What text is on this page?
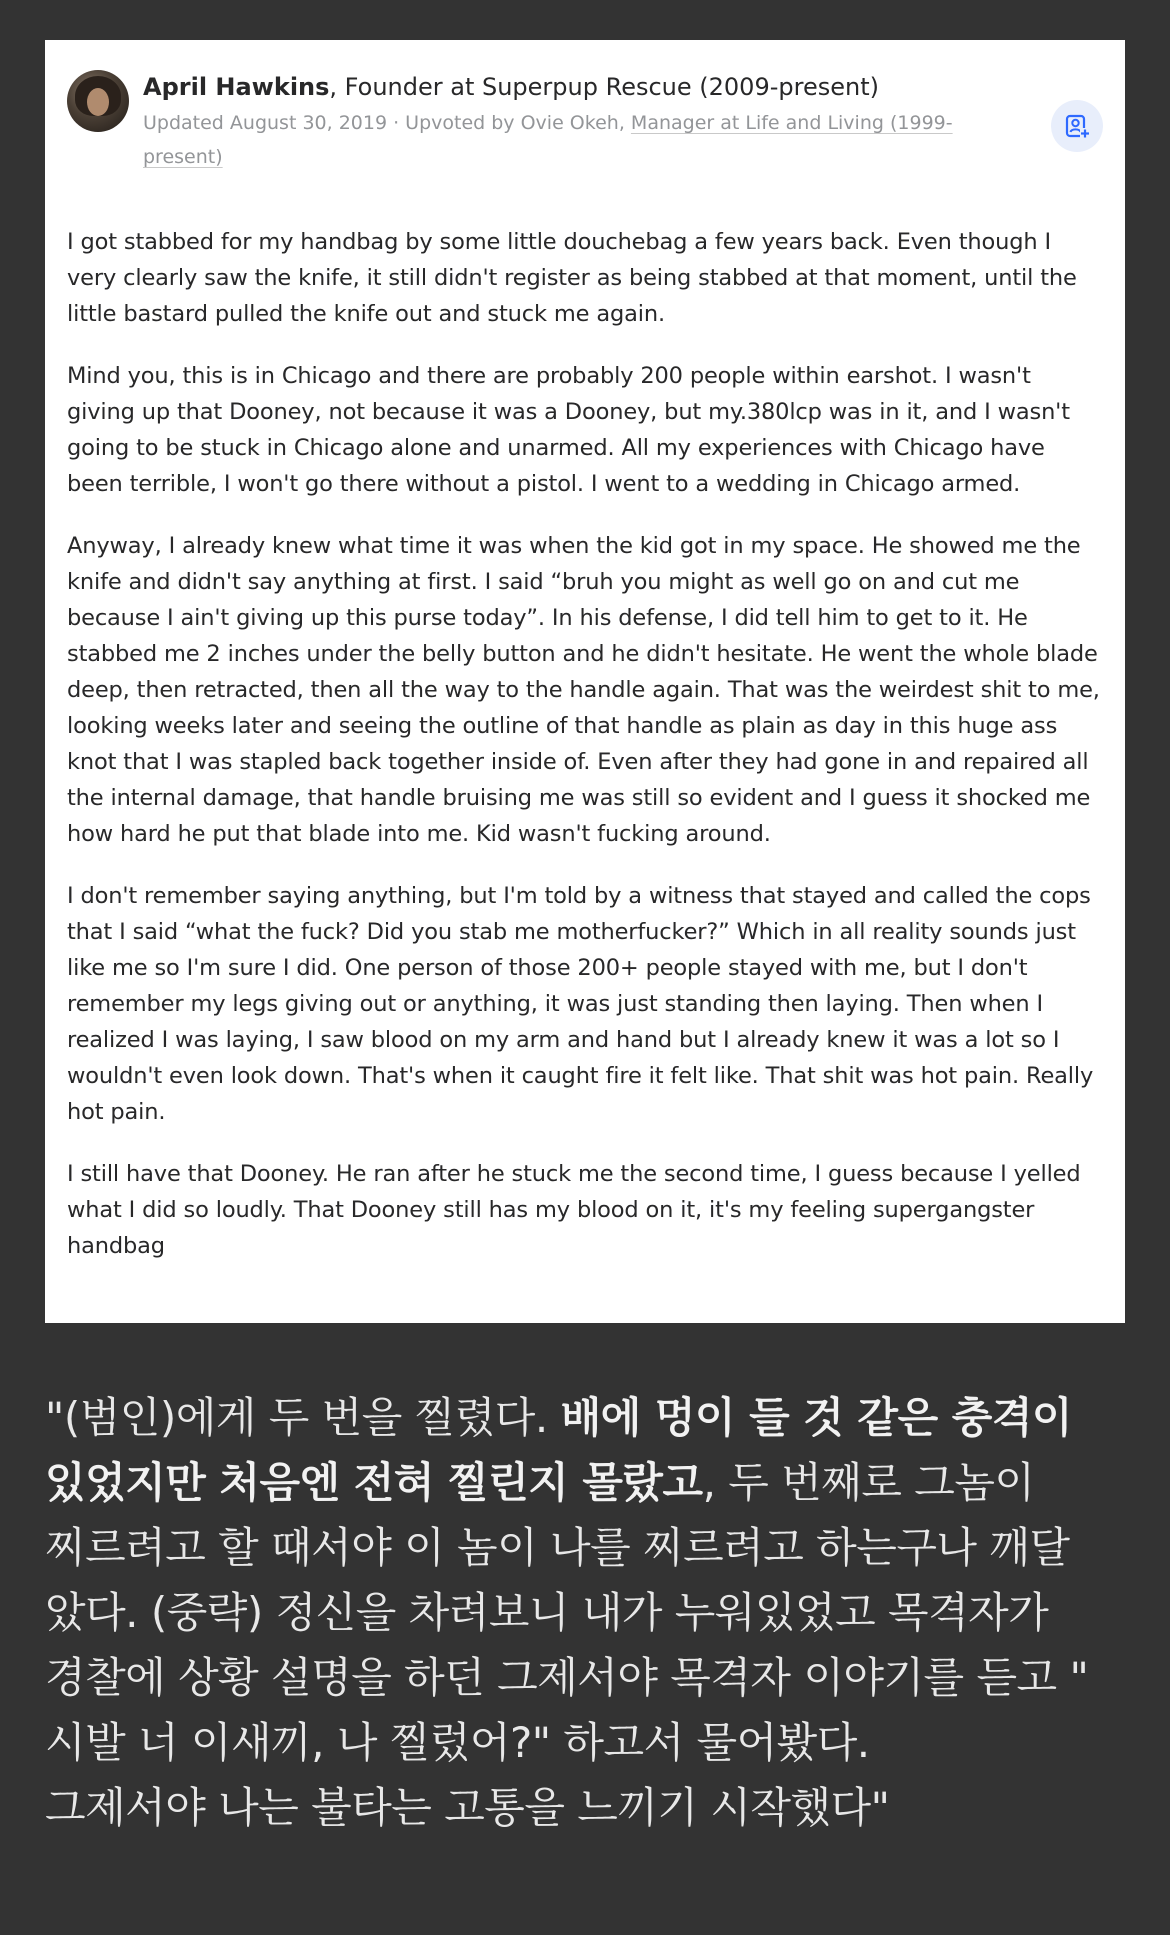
April Hawkins, Founder at Superpup Rescue (2009-present)
Updated August 30, 2019 · Upvoted by Ovie Okeh, Manager at Life and Living (1999-present)

I got stabbed for my handbag by some little douchebag a few years back. Even though I very clearly saw the knife, it still didn't register as being stabbed at that moment, until the little bastard pulled the knife out and stuck me again.

Mind you, this is in Chicago and there are probably 200 people within earshot. I wasn't giving up that Dooney, not because it was a Dooney, but my.380lcp was in it, and I wasn't going to be stuck in Chicago alone and unarmed. All my experiences with Chicago have been terrible, I won't go there without a pistol. I went to a wedding in Chicago armed.

Anyway, I already knew what time it was when the kid got in my space. He showed me the knife and didn't say anything at first. I said “bruh you might as well go on and cut me because I ain't giving up this purse today”. In his defense, I did tell him to get to it. He stabbed me 2 inches under the belly button and he didn't hesitate. He went the whole blade deep, then retracted, then all the way to the handle again. That was the weirdest shit to me, looking weeks later and seeing the outline of that handle as plain as day in this huge ass knot that I was stapled back together inside of. Even after they had gone in and repaired all the internal damage, that handle bruising me was still so evident and I guess it shocked me how hard he put that blade into me. Kid wasn't fucking around.

I don't remember saying anything, but I'm told by a witness that stayed and called the cops that I said “what the fuck? Did you stab me motherfucker?” Which in all reality sounds just like me so I'm sure I did. One person of those 200+ people stayed with me, but I don't remember my legs giving out or anything, it was just standing then laying. Then when I realized I was laying, I saw blood on my arm and hand but I already knew it was a lot so I wouldn't even look down. That's when it caught fire it felt like. That shit was hot pain. Really hot pain.

I still have that Dooney. He ran after he stuck me the second time, I guess because I yelled what I did so loudly. That Dooney still has my blood on it, it's my feeling supergangster handbag

"(범인)에게 두 번을 찔렸다. 배에 멍이 들 것 같은 충격이
있었지만 처음엔 전혀 찔린지 몰랐고, 두 번째로 그놈이
찌르려고 할 때서야 이 놈이 나를 찌르려고 하는구나 깨달
았다. (중략) 정신을 차려보니 내가 누워있었고 목격자가
경찰에 상황 설명을 하던 그제서야 목격자 이야기를 듣고 "
시발 너 이새끼, 나 찔렀어?" 하고서 물어봤다.
그제서야 나는 불타는 고통을 느끼기 시작했다"
